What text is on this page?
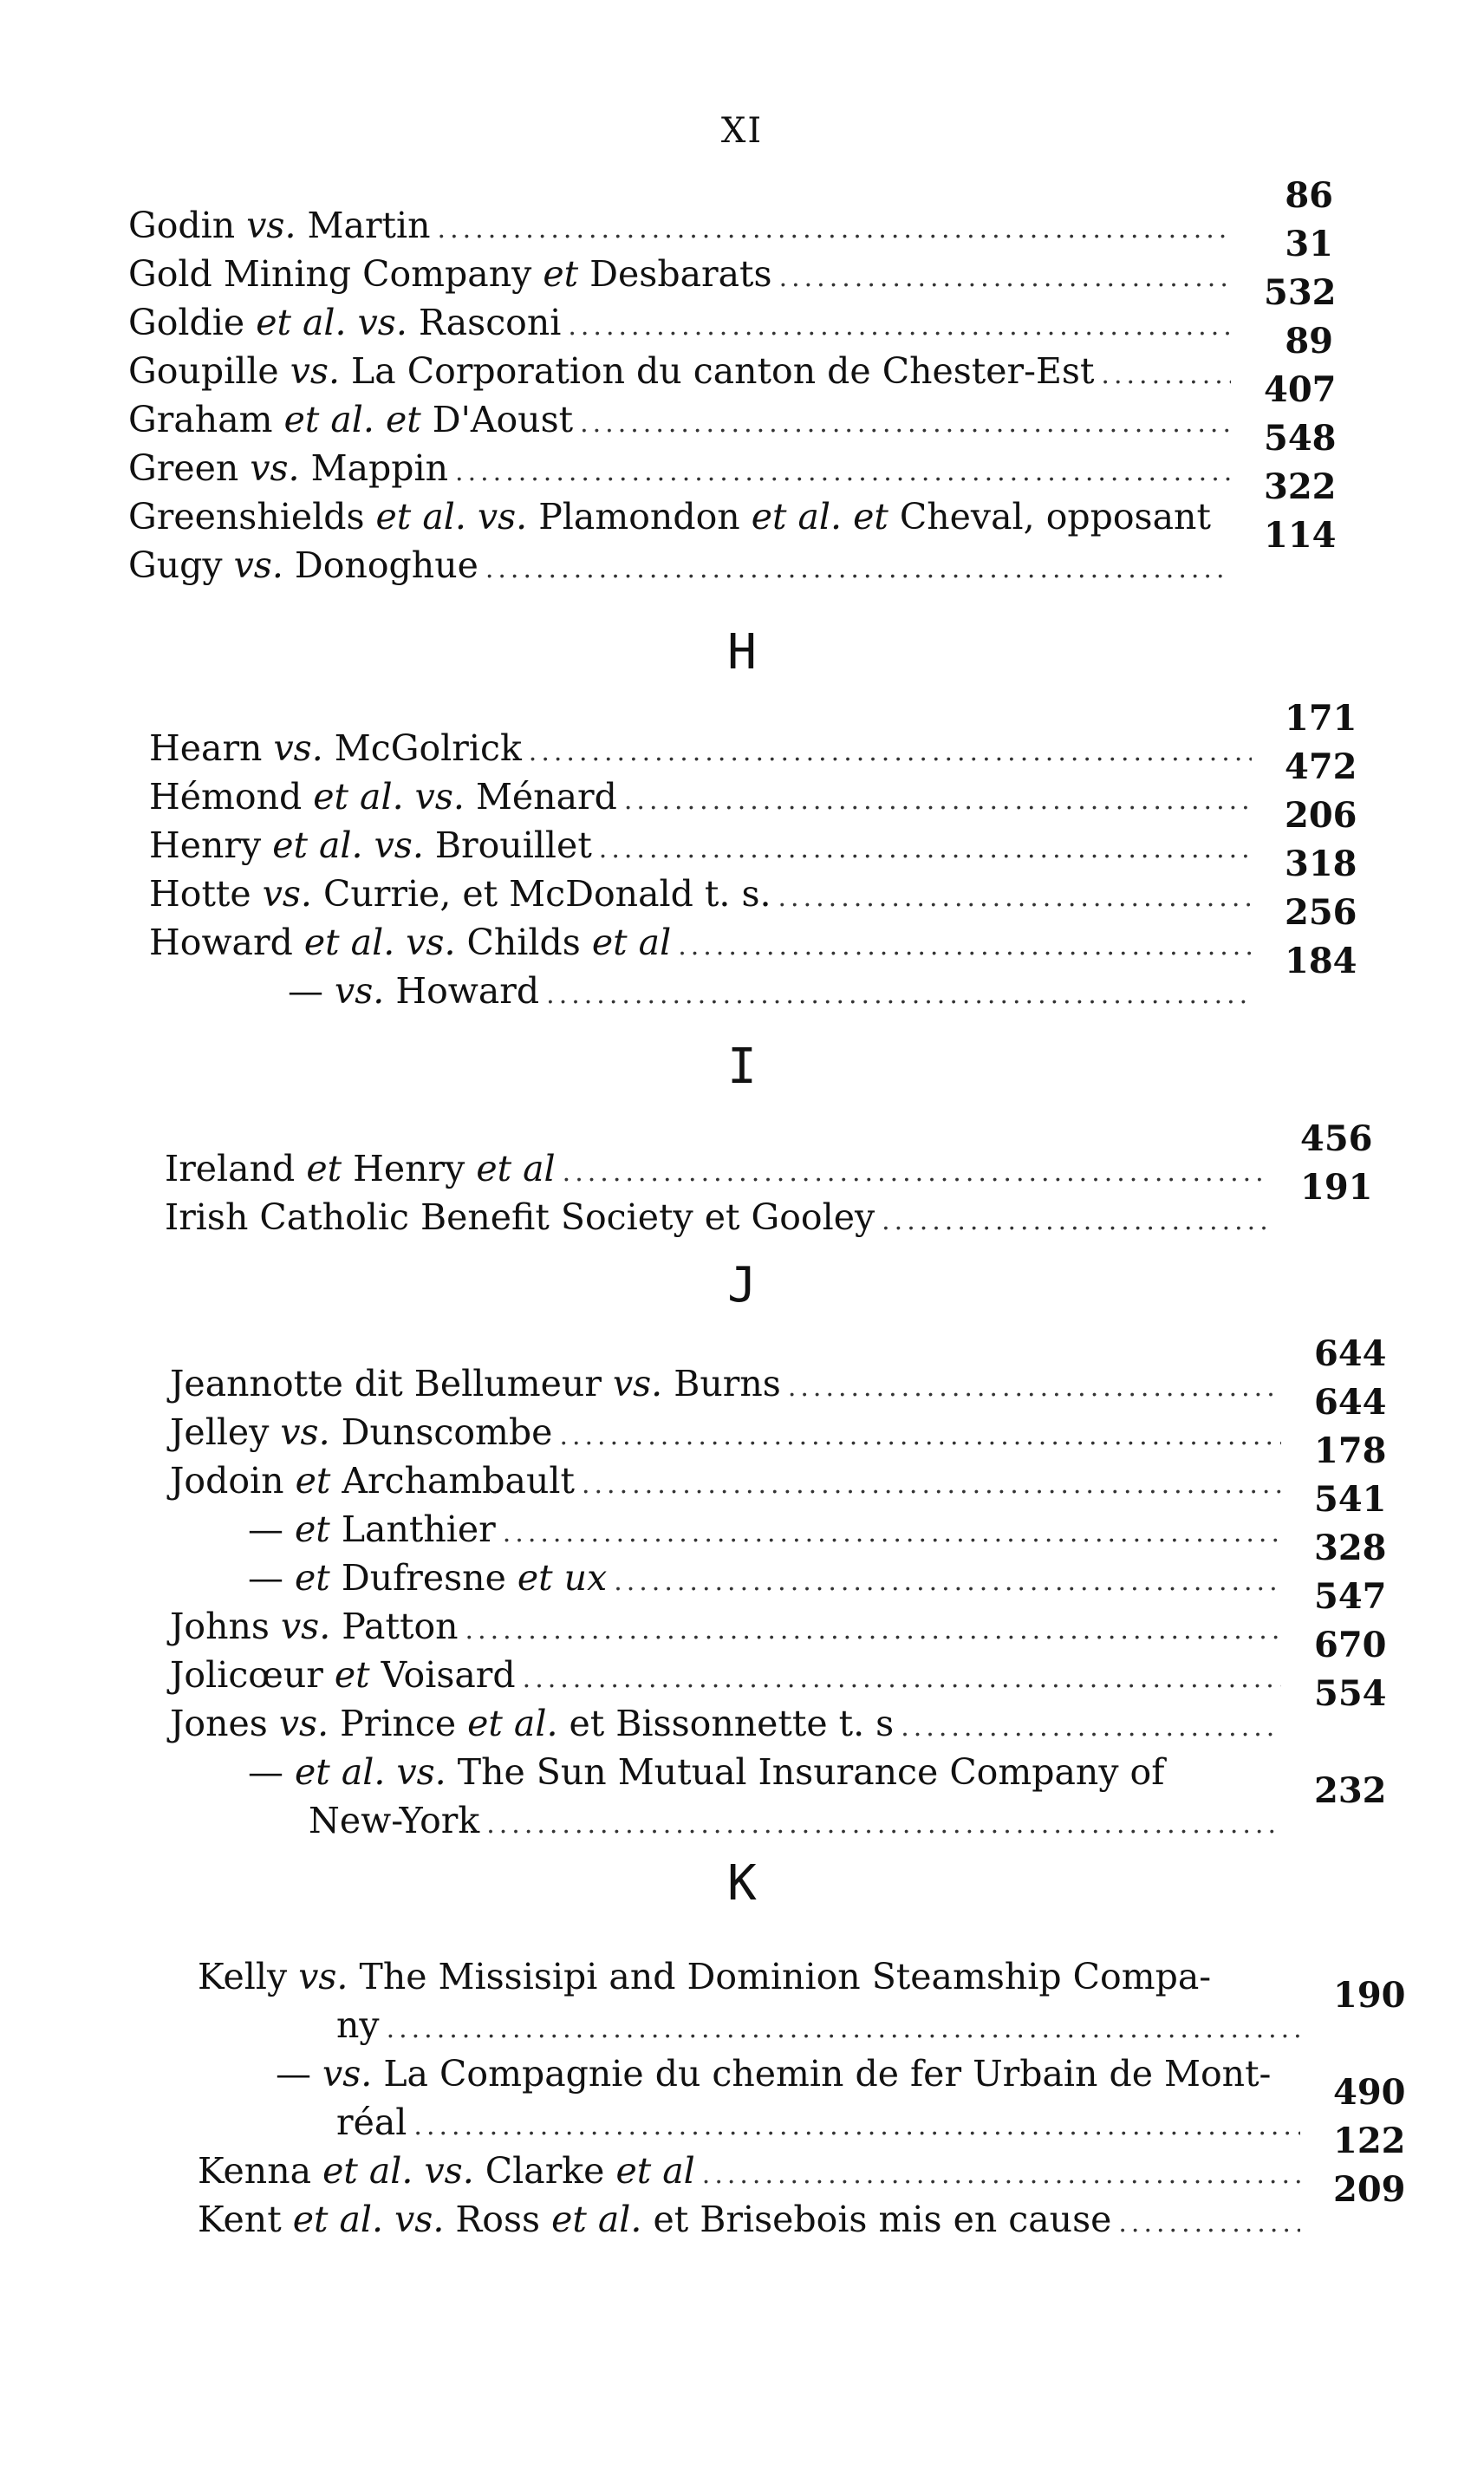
XI
Godin vs. Martin
.....
86
Gold Mining Company et Desbarats
.....
31
Goldie et al. vs. Rasconi
.....
532
Goupille vs. La Corporation du canton de Chester-Est
.....
89
Graham et al. et D'Aoust
.....
407
Green vs. Mappin
.....
548
Greenshields et al. vs. Plamondon et al. et Cheval, opposant
322
Gugy vs. Donoghue
.....
114
H
Hearn vs. McGolrick
.....
171
Hémond et al. vs. Ménard
.....
472
Henry et al. vs. Brouillet
.....
206
Hotte vs. Currie, et McDonald t. s.
.....
318
Howard et al. vs. Childs et al
.....
256
— vs. Howard
.....
184
I
Ireland et Henry et al
.....
456
Irish Catholic Benefit Society et Gooley
.....
191
J
Jeannotte dit Bellumeur vs. Burns
.....
644
Jelley vs. Dunscombe
.....
644
Jodoin et Archambault
.....
178
— et Lanthier
.....
541
— et Dufresne et ux
.....
328
Johns vs. Patton
.....
547
Jolicœur et Voisard
.....
670
Jones vs. Prince et al. et Bissonnette t. s
.....
554
— et al. vs. The Sun Mutual Insurance Company of
New-York
.....
232
K
Kelly vs. The Missisipi and Dominion Steamship Compa-
ny
.....
190
— vs. La Compagnie du chemin de fer Urbain de Mont-
réal
.....
490
Kenna et al. vs. Clarke et al
.....
122
Kent et al. vs. Ross et al. et Brisebois mis en cause
.....
209
